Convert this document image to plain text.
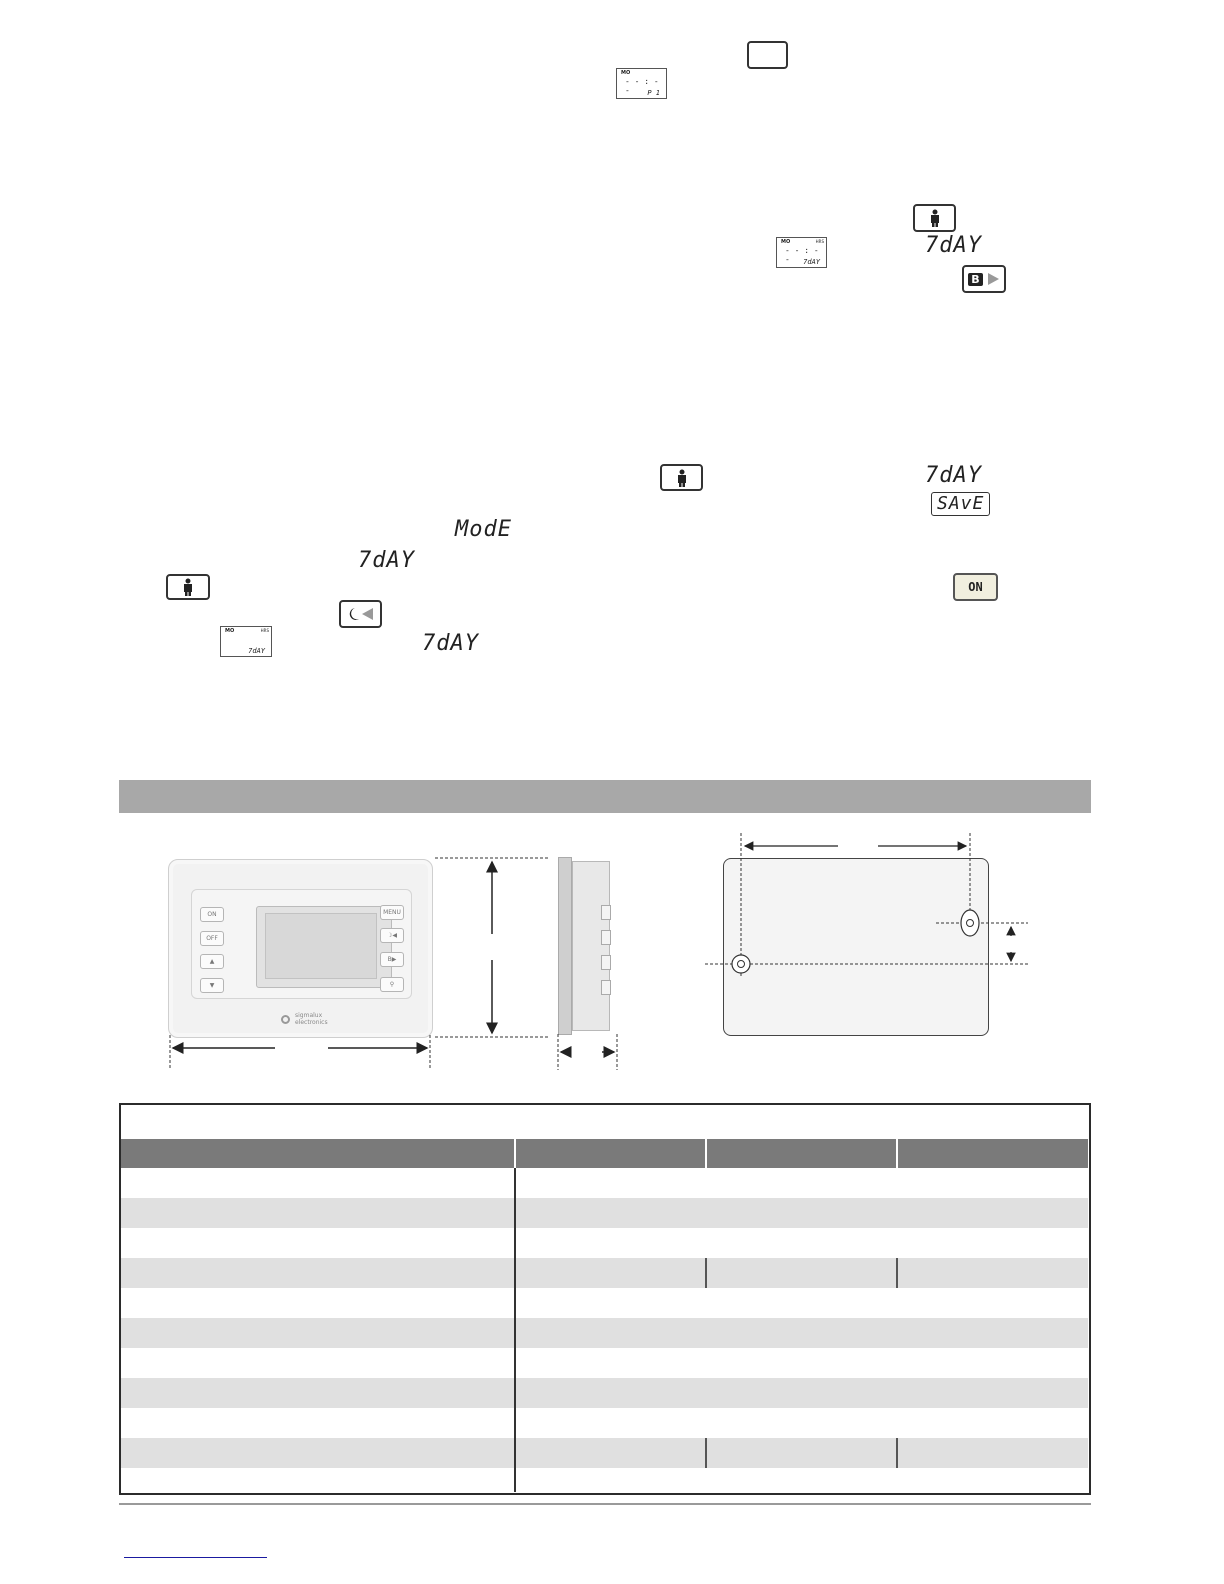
MO
- - : - -	P 1
MO	HRS
- - : - -	7dAY
7dAY
B
7dAY
SAvE
ModE
7dAY
ON
MO	HRS
7dAY	7dAY
ON
OFF
▲
▼
MENU
☽◀
B▶
⚲
sigmalux
electronics
